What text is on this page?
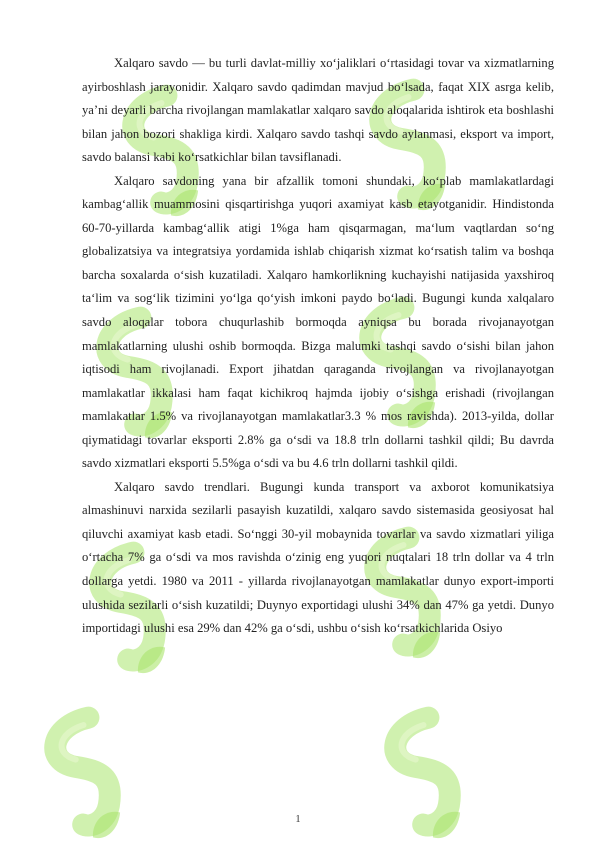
Xalqaro savdo — bu turli davlat-milliy xo‘jaliklari o‘rtasidagi tovar va xizmatlarning ayirboshlash jarayonidir. Xalqaro savdo qadimdan mavjud bo‘lsada, faqat XIX asrga kelib, ya’ni deyarli barcha rivojlangan mamlakatlar xalqaro savdo aloqalarida ishtirok eta boshlashi bilan jahon bozori shakliga kirdi. Xalqaro savdo tashqi savdo aylanmasi, eksport va import, savdo balansi kabi ko‘rsatkichlar bilan tavsiflanadi.

Xalqaro savdoning yana bir afzallik tomoni shundaki, ko‘plab mamlakatlardagi kambag‘allik muammosini qisqartirishga yuqori axamiyat kasb etayotganidir. Hindistonda 60-70-yillarda kambag‘allik atigi 1%ga ham qisqarmagan, ma‘lum vaqtlardan so‘ng globalizatsiya va integratsiya yordamida ishlab chiqarish xizmat ko‘rsatish talim va boshqa barcha soxalarda o‘sish kuzatiladi. Xalqaro hamkorlikning kuchayishi natijasida yaxshiroq ta‘lim va sog‘lik tizimini yo‘lga qo‘yish imkoni paydo bo‘ladi. Bugungi kunda xalqalaro savdo aloqalar tobora chuqurlashib bormoqda ayniqsa bu borada rivojanayotgan mamlakatlarning ulushi oshib bormoqda. Bizga malumki tashqi savdo o‘sishi bilan jahon iqtisodi ham rivojlanadi. Export jihatdan qaraganda rivojlangan va rivojlanayotgan mamlakatlar ikkalasi ham faqat kichikroq hajmda ijobiy o‘sishga erishadi (rivojlangan mamlakatlar 1.5% va rivojlanayotgan mamlakatlar3.3 % mos ravishda). 2013-yilda, dollar qiymatidagi tovarlar eksporti 2.8% ga o‘sdi va 18.8 trln dollarni tashkil qildi; Bu davrda savdo xizmatlari eksporti 5.5%ga o‘sdi va bu 4.6 trln dollarni tashkil qildi.

Xalqaro savdo trendlari. Bugungi kunda transport va axborot komunikatsiya almashinuvi narxida sezilarli pasayish kuzatildi, xalqaro savdo sistemasida geosiyosat hal qiluvchi axamiyat kasb etadi. So‘nggi 30-yil mobaynida tovarlar va savdo xizmatlari yiliga o‘rtacha 7% ga o‘sdi va mos ravishda o‘zinig eng yuqori nuqtalari 18 trln dollar va 4 trln dollarga yetdi. 1980 va 2011 - yillarda rivojlanayotgan mamlakatlar dunyo export-importi ulushida sezilarli o‘sish kuzatildi; Duynyo exportidagi ulushi 34% dan 47% ga yetdi. Dunyo importidagi ulushi esa 29% dan 42% ga o‘sdi, ushbu o‘sish ko‘rsatkichlarida Osiyo

1
